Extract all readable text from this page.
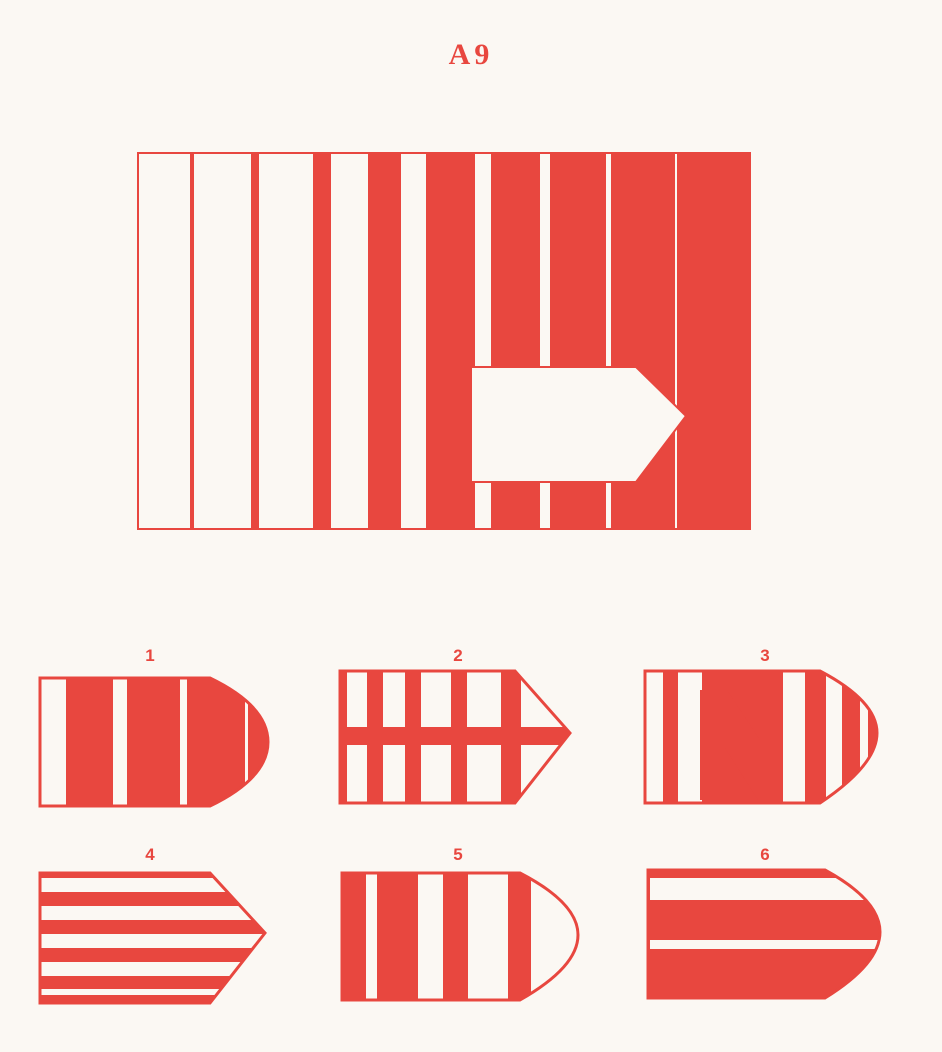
A9
1	2	3
4	5	6
